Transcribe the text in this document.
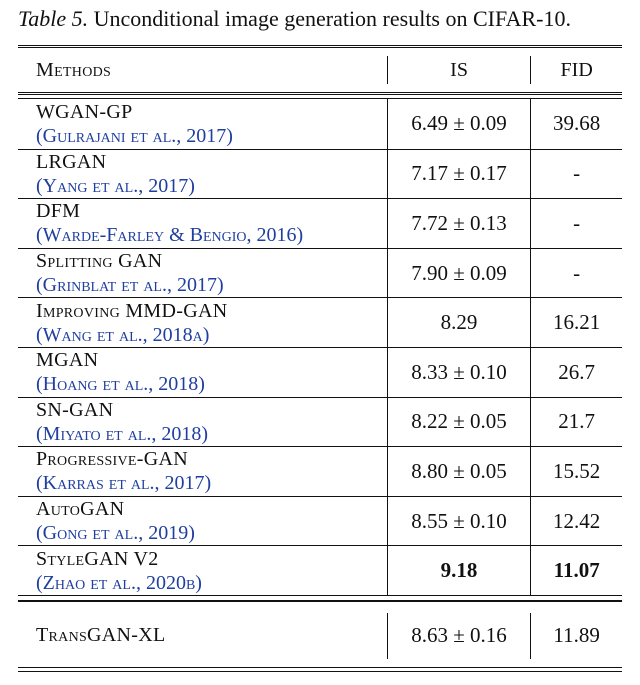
Table 5. Unconditional image generation results on CIFAR-10.
Methods	IS	FID
WGAN-GP
(Gulrajani et al., 2017)
6.49 ± 0.09	39.68
LRGAN
(Yang et al., 2017)
7.17 ± 0.17	-
DFM
(Warde-Farley & Bengio, 2016)
7.72 ± 0.13	-
Splitting GAN
(Grinblat et al., 2017)
7.90 ± 0.09	-
Improving MMD-GAN
(Wang et al., 2018a)
8.29	16.21
MGAN
(Hoang et al., 2018)
8.33 ± 0.10	26.7
SN-GAN
(Miyato et al., 2018)
8.22 ± 0.05	21.7
Progressive-GAN
(Karras et al., 2017)
8.80 ± 0.05	15.52
AutoGAN
(Gong et al., 2019)
8.55 ± 0.10	12.42
StyleGAN V2
(Zhao et al., 2020b)
9.18	11.07
TransGAN-XL	8.63 ± 0.16	11.89
